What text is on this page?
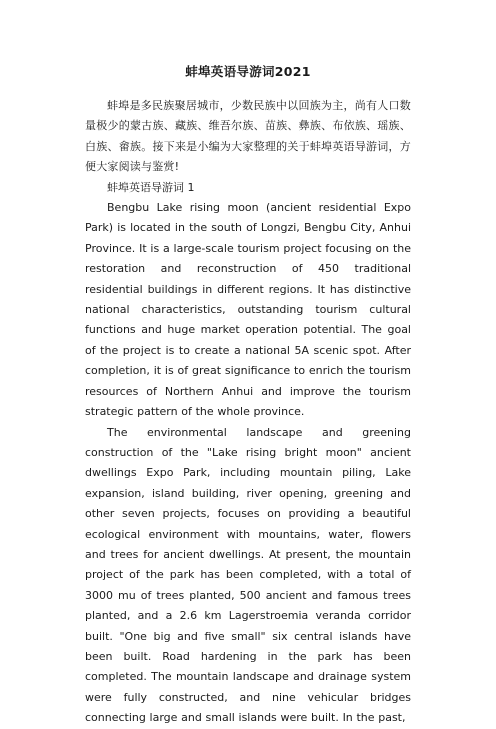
蚌埠英语导游词2021

蚌埠是多民族聚居城市，少数民族中以回族为主，尚有人口数量极少的蒙古族、藏族、维吾尔族、苗族、彝族、布依族、瑶族、白族、畲族。接下来是小编为大家整理的关于蚌埠英语导游词，方便大家阅读与鉴赏!

蚌埠英语导游词 1

Bengbu Lake rising moon (ancient residential Expo Park) is located in the south of Longzi, Bengbu City, Anhui Province. It is a large-scale tourism project focusing on the restoration and reconstruction of 450 traditional residential buildings in different regions. It has distinctive national characteristics, outstanding tourism cultural functions and huge market operation potential. The goal of the project is to create a national 5A scenic spot. After completion, it is of great significance to enrich the tourism resources of Northern Anhui and improve the tourism strategic pattern of the whole province.

The environmental landscape and greening construction of the "Lake rising bright moon" ancient dwellings Expo Park, including mountain piling, Lake expansion, island building, river opening, greening and other seven projects, focuses on providing a beautiful ecological environment with mountains, water, flowers and trees for ancient dwellings. At present, the mountain project of the park has been completed, with a total of 3000 mu of trees planted, 500 ancient and famous trees planted, and a 2.6 km Lagerstroemia veranda corridor built. "One big and five small" six central islands have been built. Road hardening in the park has been completed. The mountain landscape and drainage system were fully constructed, and nine vehicular bridges connecting large and small islands were built. In the past,
